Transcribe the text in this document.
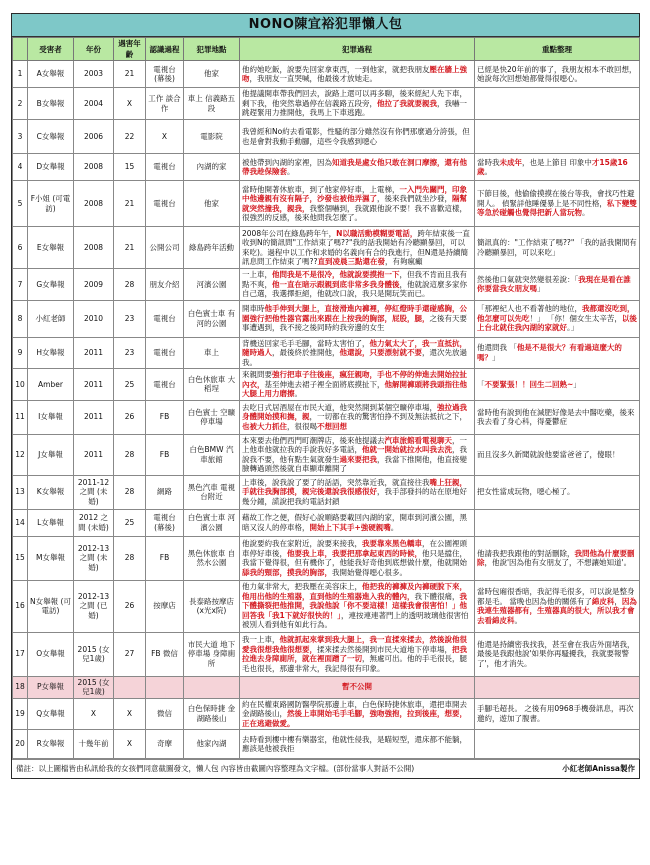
NONO陳宜裕犯罪懶人包
	受害者	年份	遇害年齡	認識過程	犯罪地點	犯罪過程	重點整理
1	A女舉報	2003	21	電視台 (幕後)	他家	他約她吃飯，說要先回家拿東西，一到他家，就把我朋友壓在牆上強吻，我朋友一直哭喊，他最後才放她走。	已經是快20年前的事了，我朋友根本不敢回想，她說每次回想她都覺得很噁心。
2	B女舉報	2004	X	工作 談合作	車上 信義路五段	他提議開車帶我們回去，說路上還可以再多聊，後來經紀人先下車，剩下我，他突然靠過停在信義路五段旁，他拉了我就要親我，我嚇一跳趕緊用力推開他，我馬上下車逃跑。	
3	C女舉報	2006	22	X	電影院	我曾經和No約去看電影，性騷的部分雖然沒有你們那麼過分誇張，但也是會對我動手動腳，這些令我感到噁心	
4	D女舉報	2008	15	電視台	內湖的家	被他帶到內湖的家裡，因為知道我是處女他只敢在洞口摩擦，還有他帶我趁保險套。	當時我未成年，也是上節目 印象中才15歲16歲。
5	F小姐 (可電訪)	2008	21	電視台	他家	當時他開著休旅車，到了他家停好車，上電梯，一入門先關門，印象中他邊親有沒有隔子，沙發也被他弄濕了，後來我們就坐沙發，隔幫就突然撞我，親我，我整個嚇到，我就跟他說不要！我不喜歡這樣，很強烈的反感，後來他問我怎麼了。	下節目後，他偷偷摸摸在後台等我，會找巧性避開人。 偵緊詳他睡優暴上是不同性格，私下變雙等急於碰觸也覺得把新人當玩物。
6	E女舉報	2008	21	公開公司	綠島跨年活動	2008年公司在綠島跨年午，N以職活動模糊要電話，跨年結束後一直收到N的簡訊問"工作結束了嗎??"我的話我開始有冷聽顯暴回，可以來吃)。過程中以工作和求婚的名義向有合的我進行，但N還是持續簡訊息問工作結束了嗎??直到凌晨三點還在發，有夠瘋癲	簡訊真的："工作結束了嗎??" 「我的話我開間有冷聽顯暴回，可以來吃」
7	G女舉報	2009	28	朋友介紹	河濱公園	一上車，他問我是不是很冷，他就說要摸抱一下，但我不肯而且我有點不爽，他一直在暗示跟親到底非常多我身體後，他就說這麼多家你自己選，我選擇拒絕，他就改口說，我只是開玩笑而已。	然後他口氣就突然變很差說：「我現在是看在誰你要當我女朋友嗎」
8	小紅老師	2010	23	電視台	白色賓士車 有河的公園	開車時他手伸到大腿上，直接滑進內褲裡，停紅燈時手還碰感胸，公園強行把他性器官露出來跟在上按我的胸部，屁股，腿，之後有天要事遭遇到，我不接之後同時約我旁邊的女生	「那裡紀人也不看著他的地位，我都還沒吃到，他怎麼可以先吃！」 「你！個女生太辛苦，以後上台北就住我內湖的家就好。」
9	H女舉報	2011	23	電視台	車上	背機送回家毛手毛腳，當時太害怕了，他力氣太大了，我一直抵抗，隨時過人，最後終於推開他，他還說，只要漂射就不要，還次先放過我。	他還問我 「他是不是很大？有看過這麼大的嗎？」
10	Amber	2011	25	電視台	白色休旅車 大稻埕	來親問要強行把車子往後座，瘋狂親吻，手也不停的伸進去開始拉扯內衣，基至伸進去裙子裡全面將底摸扯下，他解開褲頭將我頭指往他大腿上用力磨擦。	「不要緊張！！回生二回熟~」
11	I女舉報	2011	26	FB	白色賓士 空曠停車場	去吃日式居酒屋在市民大道，他突然開到某個空曠停車場，強拉過我身體開始摸和撫，親，一切都在我的驚害怕挣不到及無法抵抗之下，也被大力抓住，很很喝不想回想	當時他有說到他在減肥好像是去中醫吃藥，後來我去看了身心科，得憂鬱症
12	J女舉報	2011	28	FB	白色BMW 汽車旅館	本來要去他們西門町潮牌店，後來他提議去汽車旅館看電視聊天，一上他車他就拉我的手說我好多電話，他就一開始就拉水叫我去洗，我說我不要，他有點生氣就發生過來要把我，我當下推開他，他直接變臉轉過頭然後就自車顯車離開了	而且沒多久新聞就說他要當爸爸了，傻眼！
13	K女舉報	2011-12 之間 (未婚)	28	網路	黑色汽車 電視台附近	上車後，說我說了要了的話語，突然靠近我，就直接往我嘴上狂親，手就往我胸部摸，親完後還說我很感很好，我手部發抖的站在原地好幾分鐘，謊說把我約電話封鎖	把女性當成玩物，噁心極了。
14	L女舉報	2012 之間 (未婚)	25	電視台 (幕後)	白色賓士車 河濱公園	藉故工作之便，假好心說順路要載回內湖的家，開車到河濱公園，黑暗又沒人的停車格，開始上下其手+強硬親嘴。	
15	M女舉報	2012-13 之間 (未婚)	28	FB	黑色休旅車 自然水公園	他說要約我在家附近，說要來接我，我要靠來黑色轎車，在公園裡頭車停好車後，他要我上車，我要把那拿起東西的時候，他只是擋住，我當下覺得很，但有機你了，他能我好奇他到底想做什麼，他就開始舔我的頸部，摸我的胸部，我開始覺得噁心很多。	他請我把我跟他的對話刪除，我問他為什麼要刪除，他說'因為他有女朋友了，不想讓她知道'。
16	N女舉報 (可電訪)	2012-13 之間 (已婚)	26	按摩店	長泰路按摩店 (x光x院)	他力氣非常大，把我壓在美容床上，他把我的褲褲及內褲硬脫下來，他用出他的生殖器，直到他的生殖器進入我的體內，我下體很痛，我下體撕裂把他推開，我說他說「你不要這樣！這樣我會很害怕！」他回答我「我1下就好很快的！」，連按連連著門上的透明玻璃他很害怕被別人看到他有如此行為。	當時包廂很香暗，我記得毛很多，可以說是整身都是毛。 當晚也因為他的關係有了綿皮科，因為我連生殖器都有，生殖器真的很大，所以我才會去看綿皮科。
17	O女舉報	2015 (女兒1歲)	27	FB 微信	市民大道 地下停車場 身障廁所	我一上車，他就抓起來掌到我大腿上，我一直揉來揉去，然後說他很愛我很想我他很想要，揉來揉去然後開到市民大道地下停車場，把我拉進去身障廁所，就在裡面蹭了一切，無處可出。他的手毛很長，腿毛也很長，那邊非常大，我記得很有印象。	他還是持續密我找我，甚至會在我店外面堵我，最後是我跟他說'如果你再騷擾我，我就要報警了'，他才消失。
18	P女舉報	2015 (女兒1歲)				暫不公開	
19	Q女舉報	X	X	微信	白色保時捷 金湖路後山	約在民權東路國防醫學院那邊上車，白色保時捷休旅車，還把車開去金湖路後山，然後上車開始毛手毛腳，強吻強抱，拉到後座，想要，正在逃避做愛。	手腳毛超長。 之後有用0968手機發訊息，再次邀約，遊加了腹書。
20	R女舉報	十幾年前	X	奇摩	他家內湖	去時看到樓中樓有樂器室，他就性侵我，是瞄短型，還床都不能躺，應該是他被我拒	
備註：以上圖檔皆由私訊給我的女孩們同意截圖發文，懶人包 內容皆由截圖內容整理為文字檔。(部份當事人對話不公開)	小紅老師Anissa製作
